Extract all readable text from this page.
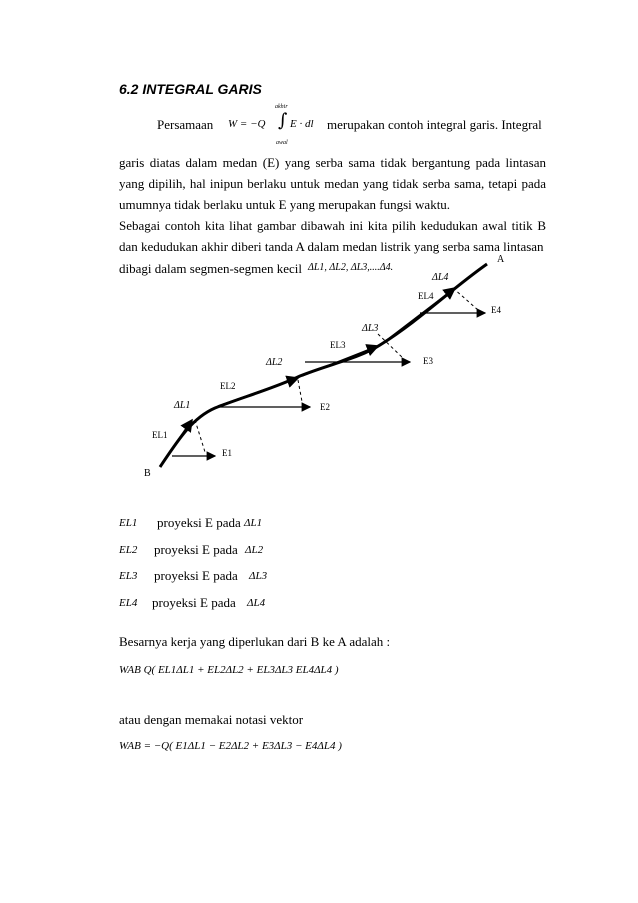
6.2 INTEGRAL GARIS
Persamaan W = −Q
akhir
∫
awal
E · dl merupakan contoh integral garis. Integral
garis diatas dalam medan (E) yang serba sama tidak bergantung pada lintasan yang dipilih, hal inipun berlaku untuk medan yang tidak serba sama, tetapi pada umumnya tidak berlaku untuk E yang merupakan fungsi waktu.
Sebagai contoh kita lihat gambar dibawah ini kita pilih kedudukan awal titik B dan kedudukan akhir diberi tanda A dalam medan listrik yang serba sama lintasan
dibagi dalam segmen-segmen kecil ΔL1, ΔL2, ΔL3,....Δ4.
A
B
ΔL4
EL4
E4
ΔL3
EL3
E3
ΔL2
EL2
E2
ΔL1
EL1
E1
EL1 proyeksi E pada ΔL1
EL2 proyeksi E pada ΔL2
EL3 proyeksi E pada ΔL3
EL4 proyeksi E pada ΔL4
Besarnya kerja yang diperlukan dari B ke A adalah :
WAB Q( EL1ΔL1 + EL2ΔL2 + EL3ΔL3 EL4ΔL4 )
atau dengan memakai notasi vektor
WAB = −Q( E1ΔL1 − E2ΔL2 + E3ΔL3 − E4ΔL4 )
